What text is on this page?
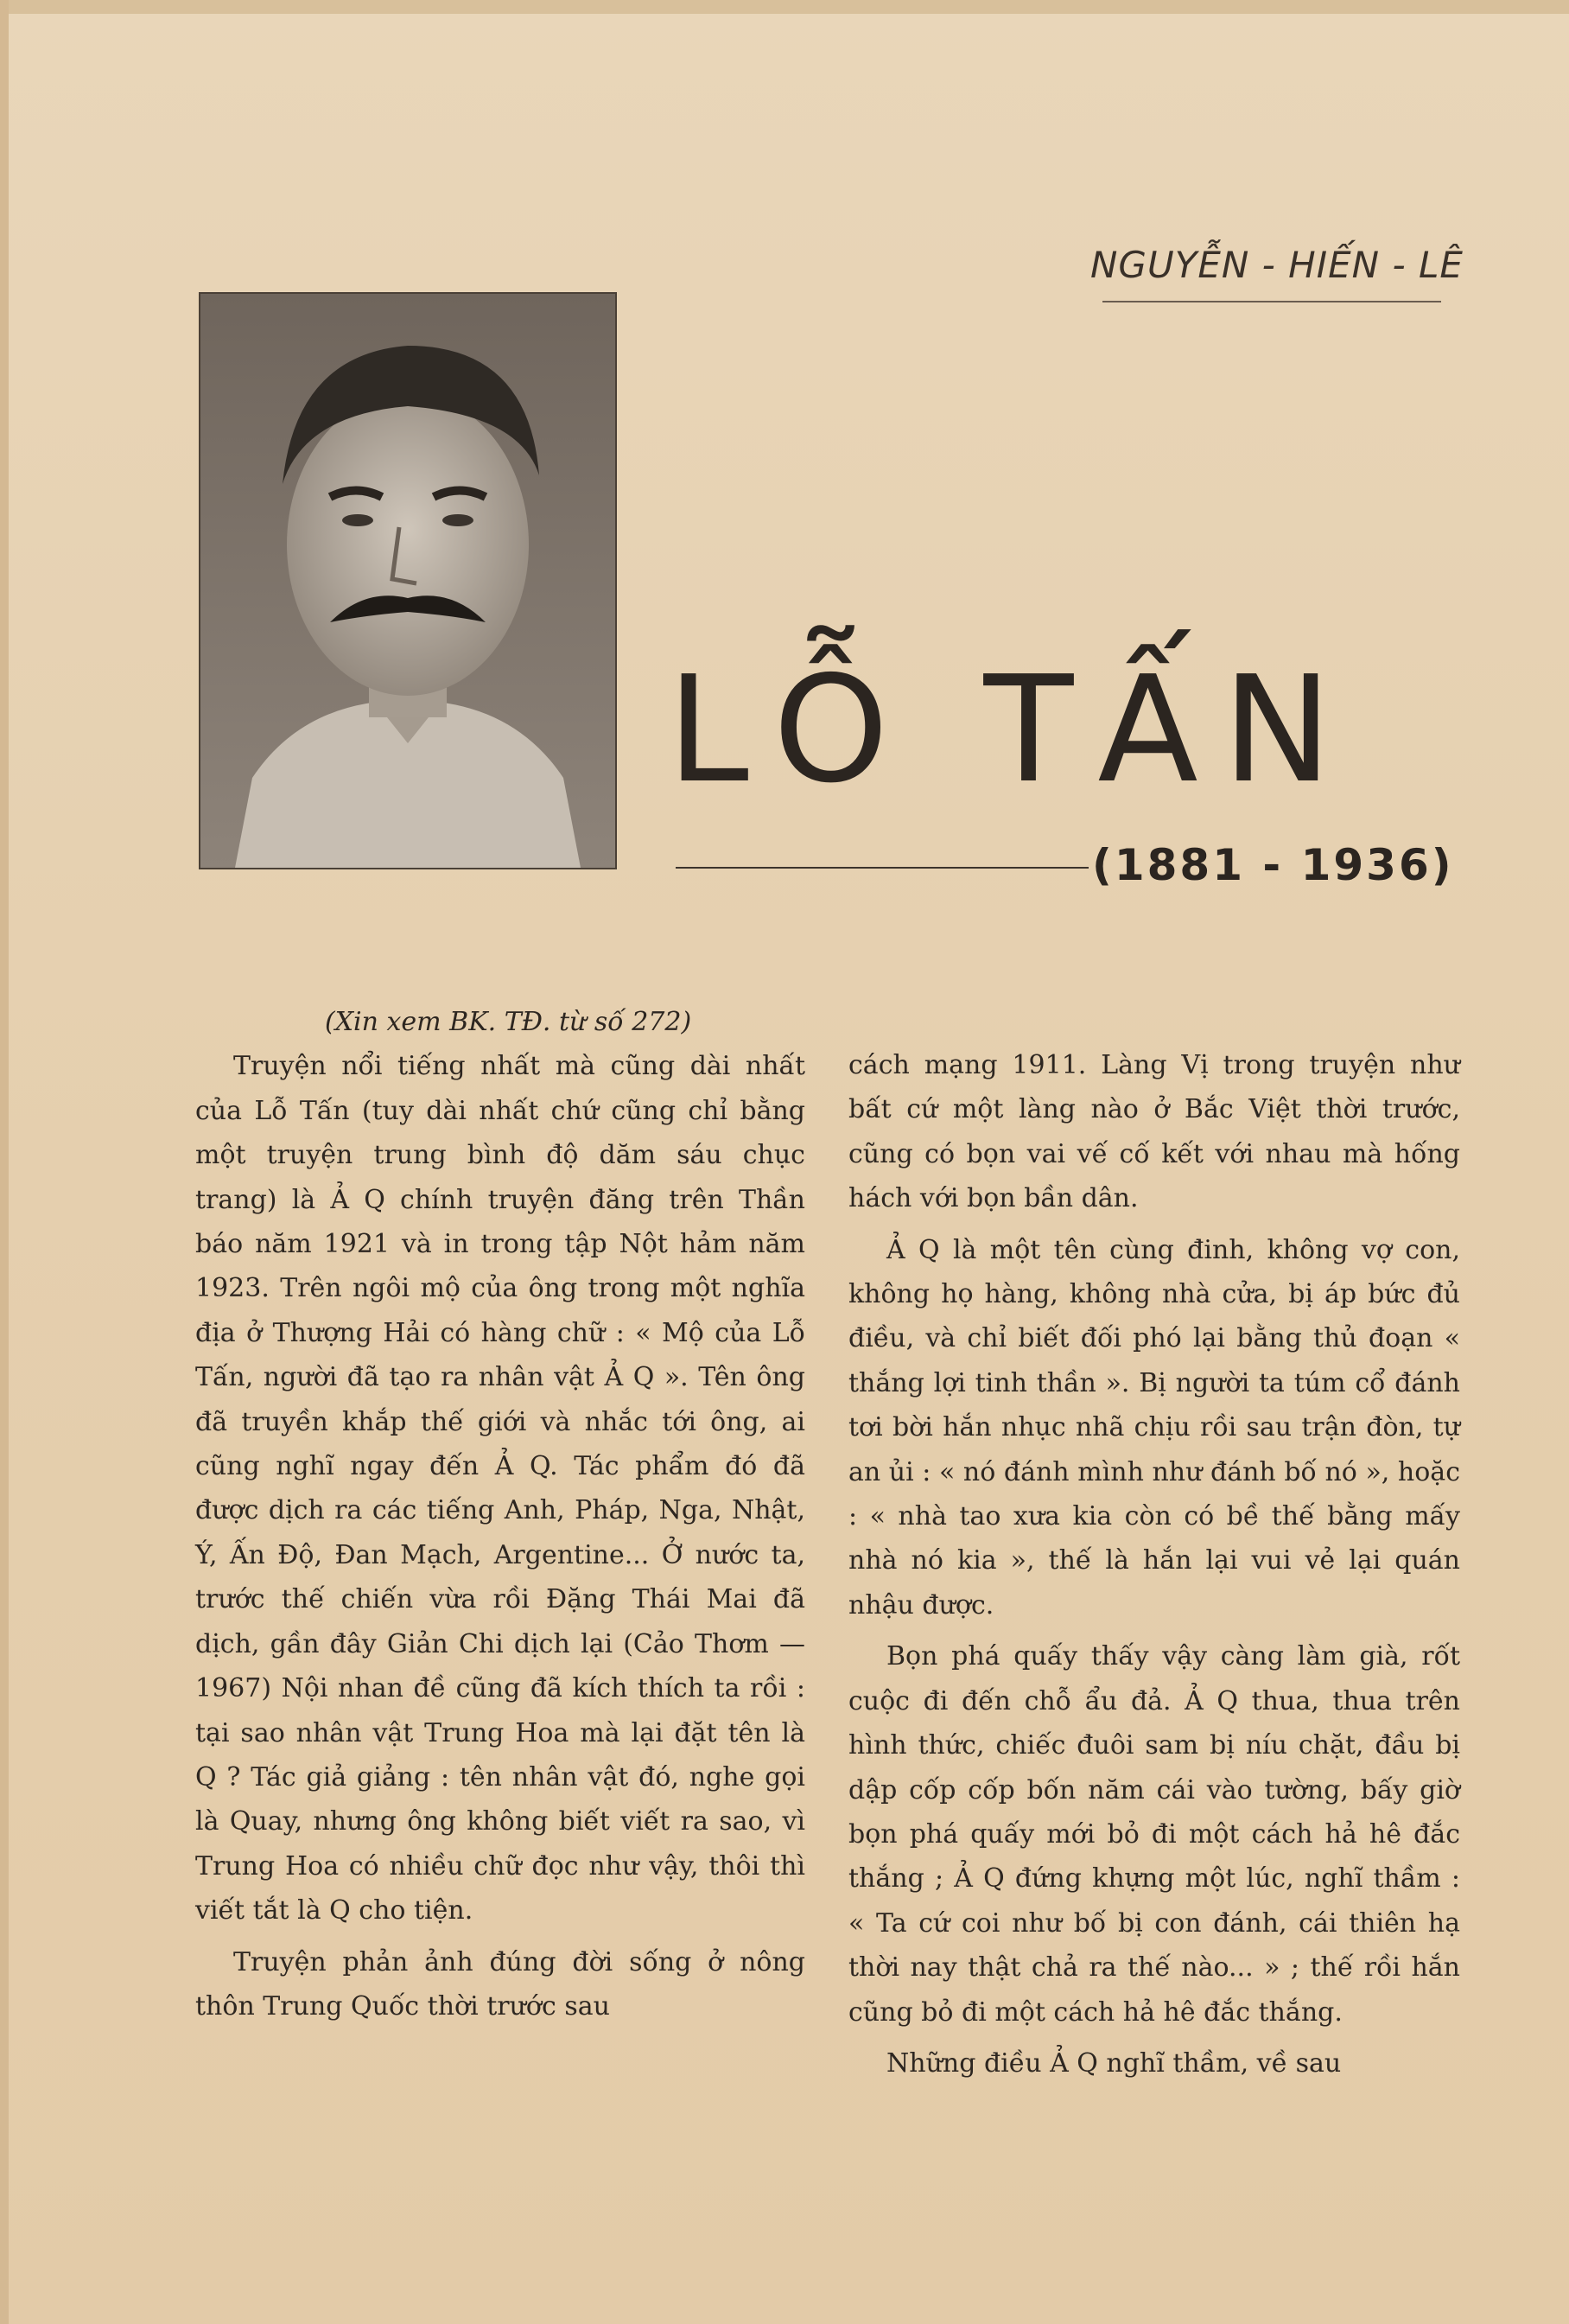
NGUYỄN - HIẾN - LÊ

LỖ TẤN

(1881 - 1936)

(Xin xem BK. TĐ. từ số 272)

Truyện nổi tiếng nhất mà cũng dài nhất của Lỗ Tấn (tuy dài nhất chứ cũng chỉ bằng một truyện trung bình độ dăm sáu chục trang) là Ả Q chính truyện đăng trên Thần báo năm 1921 và in trong tập Nột hảm năm 1923. Trên ngôi mộ của ông trong một nghĩa địa ở Thượng Hải có hàng chữ : « Mộ của Lỗ Tấn, người đã tạo ra nhân vật Ả Q ». Tên ông đã truyền khắp thế giới và nhắc tới ông, ai cũng nghĩ ngay đến Ả Q. Tác phẩm đó đã được dịch ra các tiếng Anh, Pháp, Nga, Nhật, Ý, Ấn Độ, Đan Mạch, Argentine... Ở nước ta, trước thế chiến vừa rồi Đặng Thái Mai đã dịch, gần đây Giản Chi dịch lại (Cảo Thơm — 1967) Nội nhan đề cũng đã kích thích ta rồi : tại sao nhân vật Trung Hoa mà lại đặt tên là Q ? Tác giả giảng : tên nhân vật đó, nghe gọi là Quay, nhưng ông không biết viết ra sao, vì Trung Hoa có nhiều chữ đọc như vậy, thôi thì viết tắt là Q cho tiện.

Truyện phản ảnh đúng đời sống ở nông thôn Trung Quốc thời trước sau

cách mạng 1911. Làng Vị trong truyện như bất cứ một làng nào ở Bắc Việt thời trước, cũng có bọn vai vế cố kết với nhau mà hống hách với bọn bần dân.

Ả Q là một tên cùng đinh, không vợ con, không họ hàng, không nhà cửa, bị áp bức đủ điều, và chỉ biết đối phó lại bằng thủ đoạn « thắng lợi tinh thần ». Bị người ta túm cổ đánh tơi bời hắn nhục nhã chịu rồi sau trận đòn, tự an ủi : « nó đánh mình như đánh bố nó », hoặc : « nhà tao xưa kia còn có bề thế bằng mấy nhà nó kia », thế là hắn lại vui vẻ lại quán nhậu được.

Bọn phá quấy thấy vậy càng làm già, rốt cuộc đi đến chỗ ẩu đả. Ả Q thua, thua trên hình thức, chiếc đuôi sam bị níu chặt, đầu bị dập cốp cốp bốn năm cái vào tường, bấy giờ bọn phá quấy mới bỏ đi một cách hả hê đắc thắng ; Ả Q đứng khựng một lúc, nghĩ thầm : « Ta cứ coi như bố bị con đánh, cái thiên hạ thời nay thật chả ra thế nào... » ; thế rồi hắn cũng bỏ đi một cách hả hê đắc thắng.

Những điều Ả Q nghĩ thầm, về sau
